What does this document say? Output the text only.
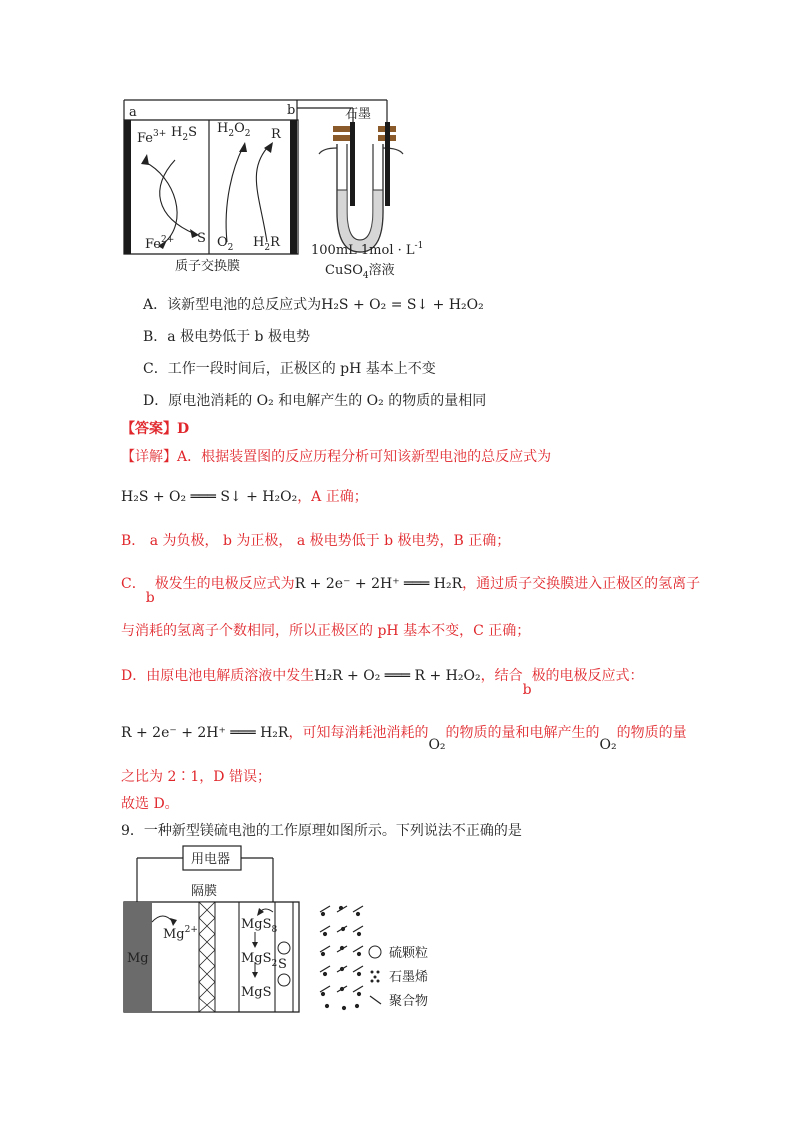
a	b	石墨
$Fe^{3+}$ $H_2S$
$Fe^{2+}$ S
$H_2O_2$ R
$O_2$ $H_2R$
质子交换膜
100mL $1mol \cdot L^{-1}$
CuSO$_4$溶液
A．该新型电池的总反应式为H₂S + O₂ = S↓ + H₂O₂
B．a 极电势低于 b 极电势
C．工作一段时间后，正极区的 pH 基本上不变
D．原电池消耗的 O₂ 和电解产生的 O₂ 的物质的量相同
【答案】D
【详解】A．根据装置图的反应历程分析可知该新型电池的总反应式为
H₂S + O₂ ═══ S↓ + H₂O₂，A 正确；
B． a 为负极， b 为正极， a 极电势低于 b 极电势，B 正确；
C．b极发生的电极反应式为R + 2e⁻ + 2H⁺ ═══ H₂R，通过质子交换膜进入正极区的氢离子
与消耗的氢离子个数相同，所以正极区的 pH 基本不变，C 正确；
D．由原电池电解质溶液中发生H₂R + O₂ ═══ R + H₂O₂，结合b极的电极反应式：
R + 2e⁻ + 2H⁺ ═══ H₂R，可知每消耗池消耗的O₂的物质的量和电解产生的O₂的物质的量
之比为 2∶1，D 错误；
故选 D。
9．一种新型镁硫电池的工作原理如图所示。下列说法不正确的是
用电器
隔膜
Mg
$Mg^{2+}$	MgS$_8$
MgS$_2$
MgS
S
硫颗粒
石墨烯
聚合物
